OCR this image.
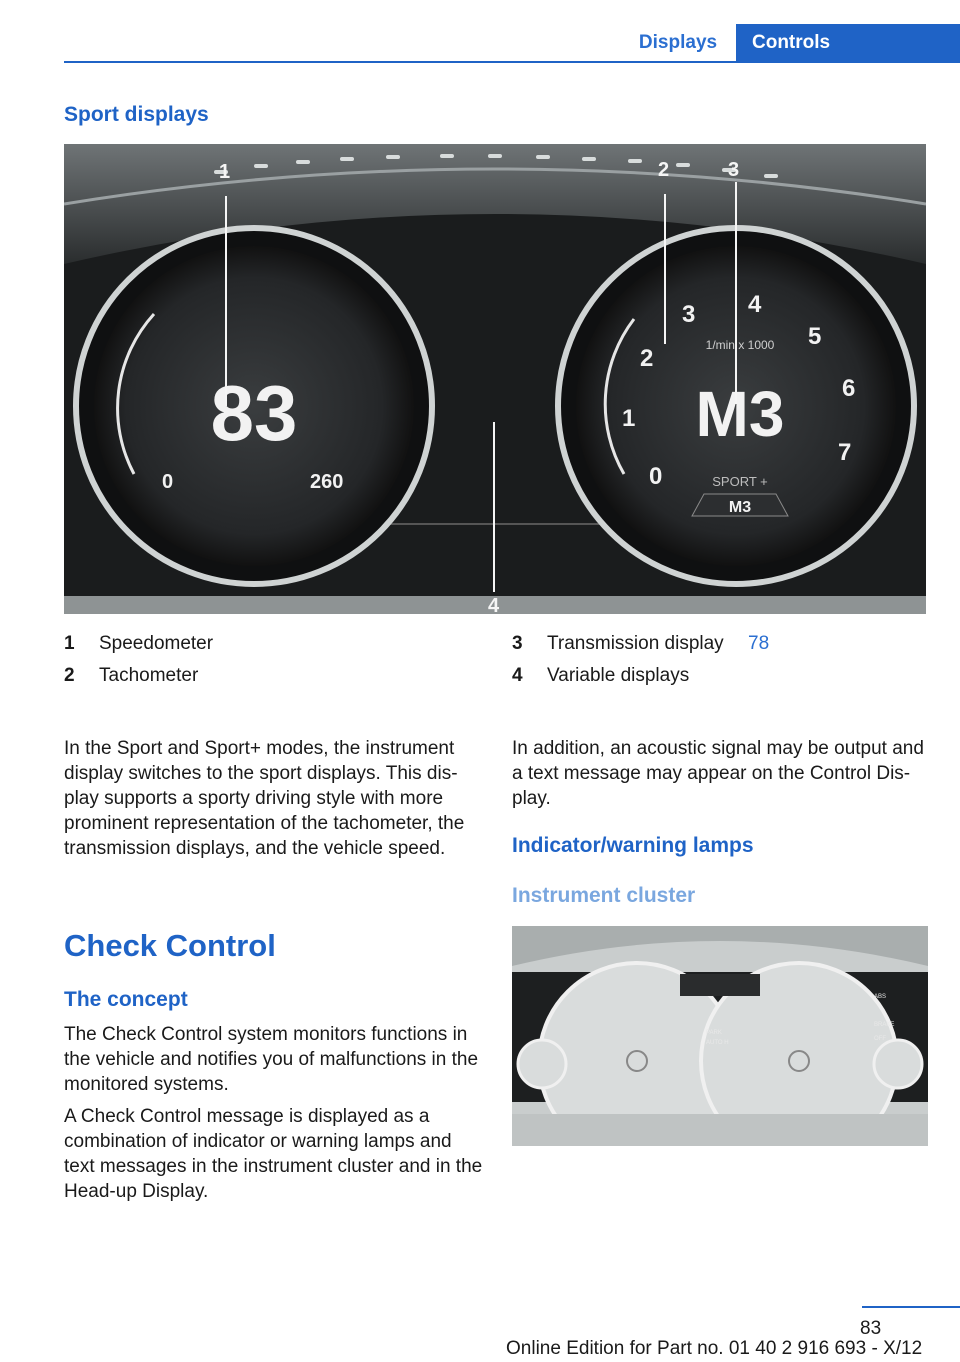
Displays	Controls
Sport displays
83
0	260
M3
1/min x 1000
0
1
2
3 4
5
6
7
SPORT +
M3
1	2	3
4
1 Speedometer
2 Tachometer
3 Transmission display 78
4 Variable displays

In the Sport and Sport+ modes, the instrument display switches to the sport displays. This dis-play supports a sporty driving style with more prominent representation of the tachometer, the transmission displays, and the vehicle speed.

In addition, an acoustic signal may be output and a text message may appear on the Control Dis-play.

Indicator/warning lamps
Instrument cluster
ABS
BRAKE
PARK
AUTO H
OFF
Check Control
The concept

The Check Control system monitors functions in the vehicle and notifies you of malfunctions in the monitored systems.

A Check Control message is displayed as a combination of indicator or warning lamps and text messages in the instrument cluster and in the Head-up Display.

83
Online Edition for Part no. 01 40 2 916 693 - X/12
